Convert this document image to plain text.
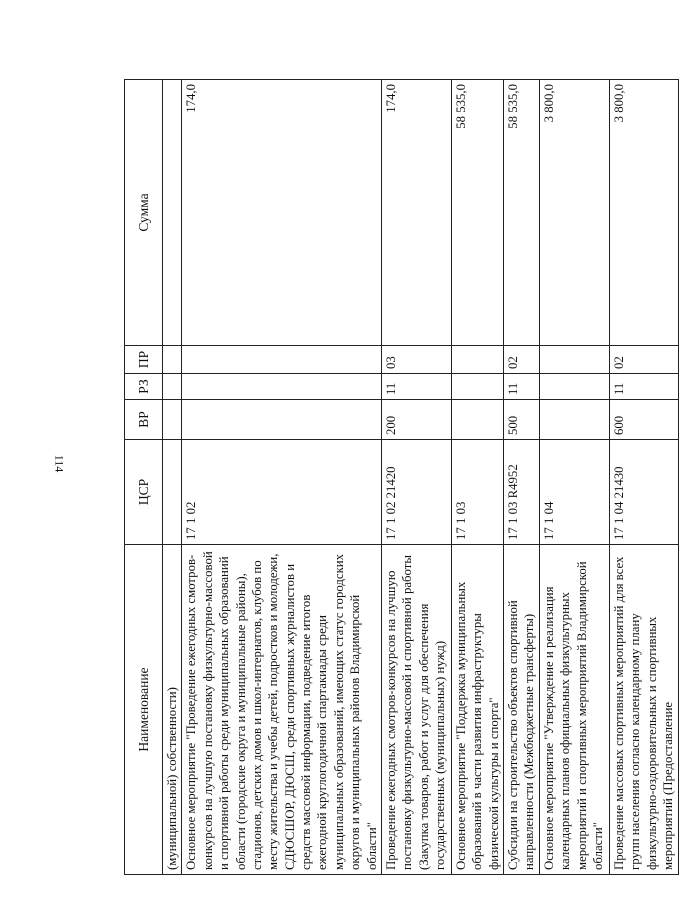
114
Наименование	ЦСР	ВР	РЗ	ПР	Сумма
(муниципальной) собственности)					
Основное мероприятие "Проведение ежегодных смотров-конкурсов на лучшую постановку физкультурно-массовой и спортивной работы среди муниципальных образований области (городские округа и муниципальные районы), стадионов, детских домов и школ-интернатов, клубов по месту жительства и учебы детей, подростков и молодежи, СДЮСШОР, ДЮСШ, среди спортивных журналистов и средств массовой информации, подведение итогов ежегодной круглогодичной спартакиады среди муниципальных образований, имеющих статус городских округов и муниципальных районов Владимирской области"	17 1 02				174,0
Проведение ежегодных смотров-конкурсов на лучшую постановку физкультурно-массовой и спортивной работы (Закупка товаров, работ и услуг для обеспечения государственных (муниципальных) нужд)	17 1 02 21420	200	11	03	174,0
Основное мероприятие "Поддержка муниципальных образований в части развития инфраструктуры физической культуры и спорта"	17 1 03				58 535,0
Субсидии на строительство объектов спортивной направленности (Межбюджетные трансферты)	17 1 03 R4952	500	11	02	58 535,0
Основное мероприятие "Утверждение и реализация календарных планов официальных физкультурных мероприятий и спортивных мероприятий Владимирской области"	17 1 04				3 800,0
Проведение массовых спортивных мероприятий для всех групп населения согласно календарному плану физкультурно-оздоровительных и спортивных мероприятий (Предоставление	17 1 04 21430	600	11	02	3 800,0
